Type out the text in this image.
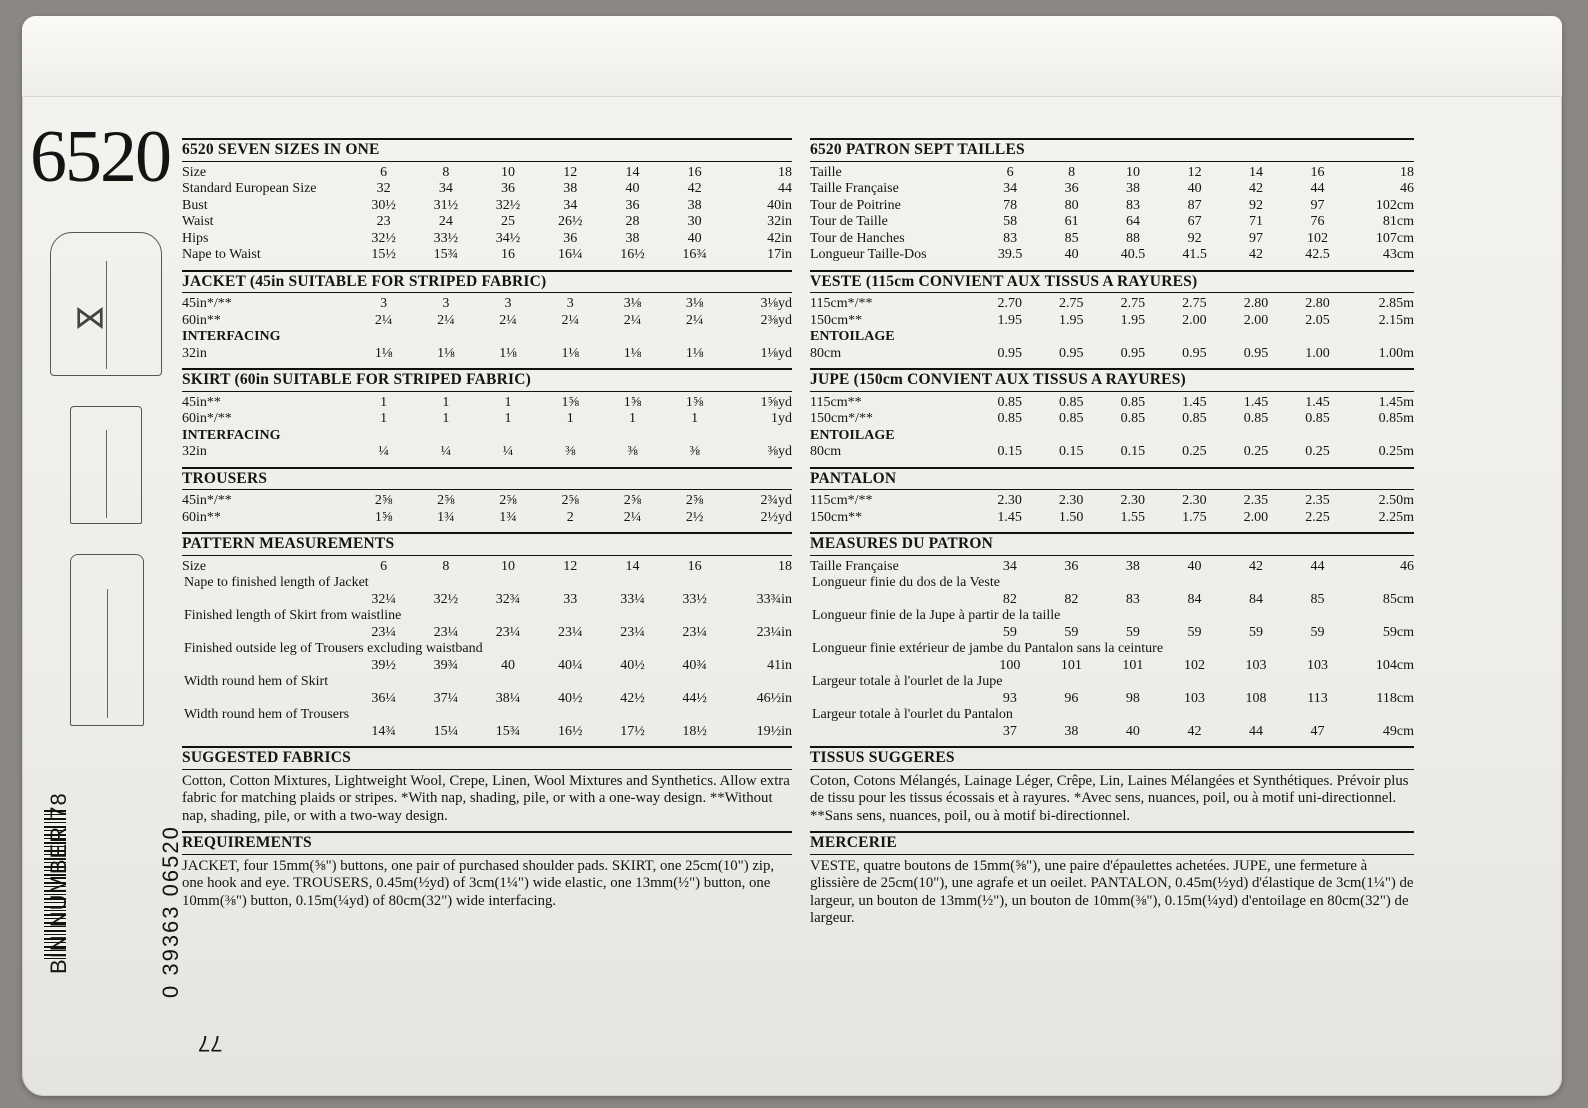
6520
⋈
BIN NUMBER 78
0 39363 06520
77
6520 SEVEN SIZES IN ONE
Size	6	8	10	12	14	16	18
Standard European Size	32	34	36	38	40	42	44
Bust	30½	31½	32½	34	36	38	40in
Waist	23	24	25	26½	28	30	32in
Hips	32½	33½	34½	36	38	40	42in
Nape to Waist	15½	15¾	16	16¼	16½	16¾	17in
JACKET (45in SUITABLE FOR STRIPED FABRIC)
45in*/**	3	3	3	3	3⅛	3⅛	3⅛yd
60in**	2¼	2¼	2¼	2¼	2¼	2¼	2⅜yd
INTERFACING							
32in	1⅛	1⅛	1⅛	1⅛	1⅛	1⅛	1⅛yd
SKIRT (60in SUITABLE FOR STRIPED FABRIC)
45in**	1	1	1	1⅝	1⅝	1⅝	1⅝yd
60in*/**	1	1	1	1	1	1	1yd
INTERFACING							
32in	¼	¼	¼	⅜	⅜	⅜	⅜yd
TROUSERS
45in*/**	2⅝	2⅝	2⅝	2⅝	2⅝	2⅝	2¾yd
60in**	1⅝	1¾	1¾	2	2¼	2½	2½yd
PATTERN MEASUREMENTS
Size	6	8	10	12	14	16	18
Nape to finished length of Jacket							
	32¼	32½	32¾	33	33¼	33½	33¾in
Finished length of Skirt from waistline							
	23¼	23¼	23¼	23¼	23¼	23¼	23¼in
Finished outside leg of Trousers excluding waistband							
	39½	39¾	40	40¼	40½	40¾	41in
Width round hem of Skirt							
	36¼	37¼	38¼	40½	42½	44½	46½in
Width round hem of Trousers							
	14¾	15¼	15¾	16½	17½	18½	19½in
SUGGESTED FABRICS
Cotton, Cotton Mixtures, Lightweight Wool, Crepe, Linen, Wool Mixtures and Synthetics. Allow extra fabric for matching plaids or stripes. *With nap, shading, pile, or with a one-way design. **Without nap, shading, pile, or with a two-way design.
REQUIREMENTS
JACKET, four 15mm(⅝") buttons, one pair of purchased shoulder pads. SKIRT, one 25cm(10") zip, one hook and eye. TROUSERS, 0.45m(½yd) of 3cm(1¼") wide elastic, one 13mm(½") button, one 10mm(⅜") button, 0.15m(¼yd) of 80cm(32") wide interfacing.
6520 PATRON SEPT TAILLES
Taille	6	8	10	12	14	16	18
Taille Française	34	36	38	40	42	44	46
Tour de Poitrine	78	80	83	87	92	97	102cm
Tour de Taille	58	61	64	67	71	76	81cm
Tour de Hanches	83	85	88	92	97	102	107cm
Longueur Taille-Dos	39.5	40	40.5	41.5	42	42.5	43cm
VESTE (115cm CONVIENT AUX TISSUS A RAYURES)
115cm*/**	2.70	2.75	2.75	2.75	2.80	2.80	2.85m
150cm**	1.95	1.95	1.95	2.00	2.00	2.05	2.15m
ENTOILAGE							
80cm	0.95	0.95	0.95	0.95	0.95	1.00	1.00m
JUPE (150cm CONVIENT AUX TISSUS A RAYURES)
115cm**	0.85	0.85	0.85	1.45	1.45	1.45	1.45m
150cm*/**	0.85	0.85	0.85	0.85	0.85	0.85	0.85m
ENTOILAGE							
80cm	0.15	0.15	0.15	0.25	0.25	0.25	0.25m
PANTALON
115cm*/**	2.30	2.30	2.30	2.30	2.35	2.35	2.50m
150cm**	1.45	1.50	1.55	1.75	2.00	2.25	2.25m
MEASURES DU PATRON
Taille Française	34	36	38	40	42	44	46
Longueur finie du dos de la Veste							
	82	82	83	84	84	85	85cm
Longueur finie de la Jupe à partir de la taille							
	59	59	59	59	59	59	59cm
Longueur finie extérieur de jambe du Pantalon sans la ceinture							
	100	101	101	102	103	103	104cm
Largeur totale à l'ourlet de la Jupe							
	93	96	98	103	108	113	118cm
Largeur totale à l'ourlet du Pantalon							
	37	38	40	42	44	47	49cm
TISSUS SUGGERES
Coton, Cotons Mélangés, Lainage Léger, Crêpe, Lin, Laines Mélangées et Synthétiques. Prévoir plus de tissu pour les tissus écossais et à rayures. *Avec sens, nuances, poil, ou à motif uni-directionnel. **Sans sens, nuances, poil, ou à motif bi-directionnel.
MERCERIE
VESTE, quatre boutons de 15mm(⅝"), une paire d'épaulettes achetées. JUPE, une fermeture à glissière de 25cm(10"), une agrafe et un oeilet. PANTALON, 0.45m(½yd) d'élastique de 3cm(1¼") de largeur, un bouton de 13mm(½"), un bouton de 10mm(⅜"), 0.15m(¼yd) d'entoilage en 80cm(32") de largeur.
